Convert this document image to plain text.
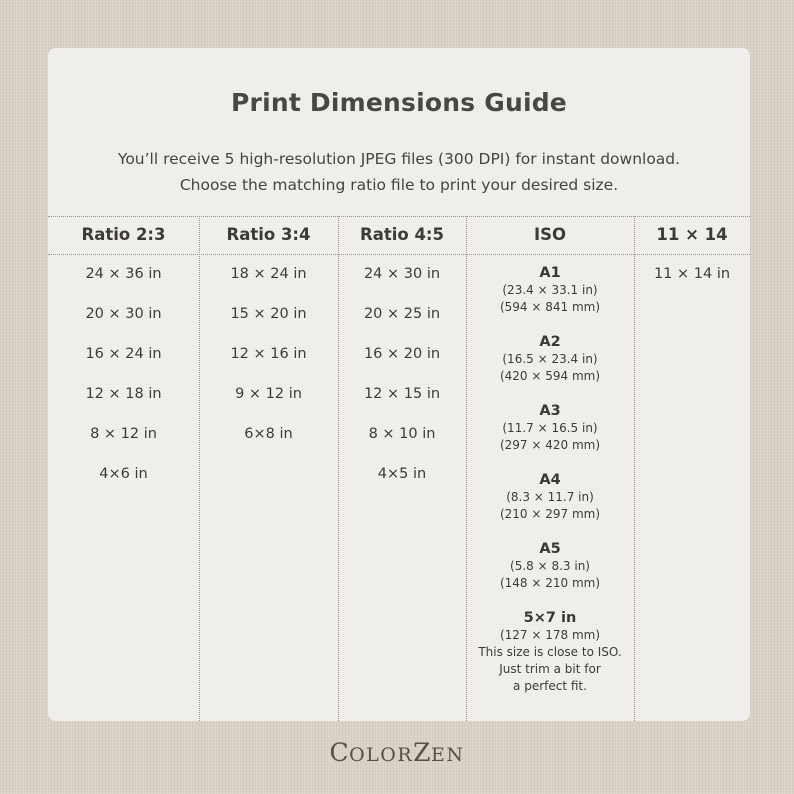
Print Dimensions Guide
You’ll receive 5 high-resolution JPEG files (300 DPI) for instant download.
Choose the matching ratio file to print your desired size.
Ratio 2:3
24 × 36 in
20 × 30 in
16 × 24 in
12 × 18 in
8 × 12 in
4×6 in
Ratio 3:4
18 × 24 in
15 × 20 in
12 × 16 in
9 × 12 in
6×8 in
Ratio 4:5
24 × 30 in
20 × 25 in
16 × 20 in
12 × 15 in
8 × 10 in
4×5 in
ISO
A1
(23.4 × 33.1 in)
(594 × 841 mm)
A2
(16.5 × 23.4 in)
(420 × 594 mm)
A3
(11.7 × 16.5 in)
(297 × 420 mm)
A4
(8.3 × 11.7 in)
(210 × 297 mm)
A5
(5.8 × 8.3 in)
(148 × 210 mm)
5×7 in
(127 × 178 mm)
This size is close to ISO.
Just trim a bit for
a perfect fit.
11 × 14
11 × 14 in
COLORZEN
